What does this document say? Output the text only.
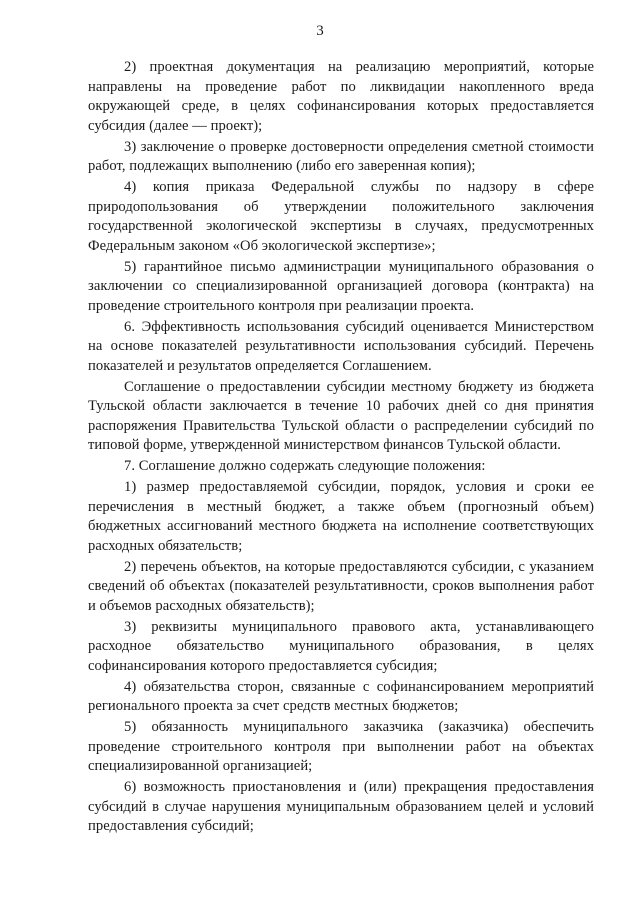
3

2) проектная документация на реализацию мероприятий, которые направлены на проведение работ по ликвидации накопленного вреда окружающей среде, в целях софинансирования которых предоставляется субсидия (далее — проект);

3) заключение о проверке достоверности определения сметной стоимости работ, подлежащих выполнению (либо его заверенная копия);

4) копия приказа Федеральной службы по надзору в сфере природопользования об утверждении положительного заключения государственной экологической экспертизы в случаях, предусмотренных Федеральным законом «Об экологической экспертизе»;

5) гарантийное письмо администрации муниципального образования о заключении со специализированной организацией договора (контракта) на проведение строительного контроля при реализации проекта.

6. Эффективность использования субсидий оценивается Министерством на основе показателей результативности использования субсидий. Перечень показателей и результатов определяется Соглашением.

Соглашение о предоставлении субсидии местному бюджету из бюджета Тульской области заключается в течение 10 рабочих дней со дня принятия распоряжения Правительства Тульской области о распределении субсидий по типовой форме, утвержденной министерством финансов Тульской области.

7. Соглашение должно содержать следующие положения:

1) размер предоставляемой субсидии, порядок, условия и сроки ее перечисления в местный бюджет, а также объем (прогнозный объем) бюджетных ассигнований местного бюджета на исполнение соответствующих расходных обязательств;

2) перечень объектов, на которые предоставляются субсидии, с указанием сведений об объектах (показателей результативности, сроков выполнения работ и объемов расходных обязательств);

3) реквизиты муниципального правового акта, устанавливающего расходное обязательство муниципального образования, в целях софинансирования которого предоставляется субсидия;

4) обязательства сторон, связанные с софинансированием мероприятий регионального проекта за счет средств местных бюджетов;

5) обязанность муниципального заказчика (заказчика) обеспечить проведение строительного контроля при выполнении работ на объектах специализированной организацией;

6) возможность приостановления и (или) прекращения предоставления субсидий в случае нарушения муниципальным образованием целей и условий предоставления субсидий;
